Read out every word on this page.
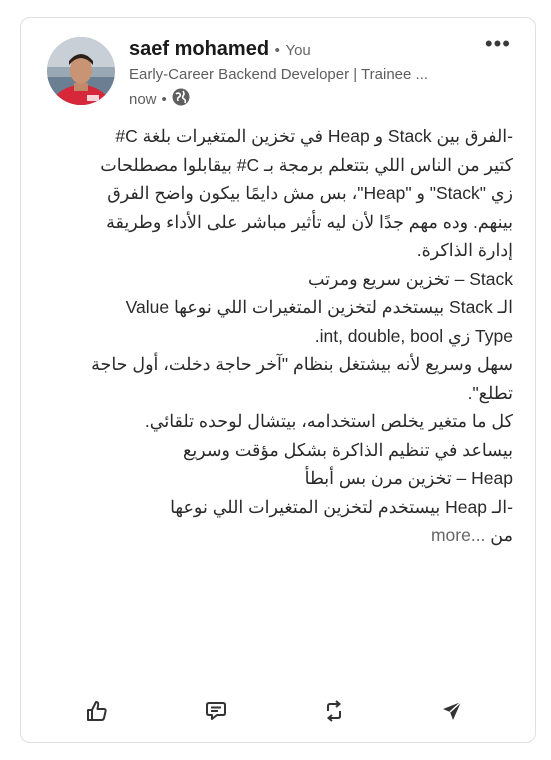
saef mohamed • You
Early-Career Backend Developer | Trainee ...
now •
•••

-الفرق بين Stack و Heap في تخزين المتغيرات بلغة C#

كتير من الناس اللي بتتعلم برمجة بـ C# بيقابلوا مصطلحات

زي "Stack" و "Heap"، بس مش دايمًا بيكون واضح الفرق

بينهم. وده مهم جدًا لأن ليه تأثير مباشر على الأداء وطريقة

إدارة الذاكرة.

Stack – تخزين سريع ومرتب

الـ Stack بيستخدم لتخزين المتغيرات اللي نوعها Value

Type زي int, double, bool.

سهل وسريع لأنه بيشتغل بنظام "آخر حاجة دخلت، أول حاجة

تطلع".

كل ما متغير يخلص استخدامه، بيتشال لوحده تلقائي.

بيساعد في تنظيم الذاكرة بشكل مؤقت وسريع

Heap – تخزين مرن بس أبطأ

-الـ Heap بيستخدم لتخزين المتغيرات اللي نوعها

من ...more
